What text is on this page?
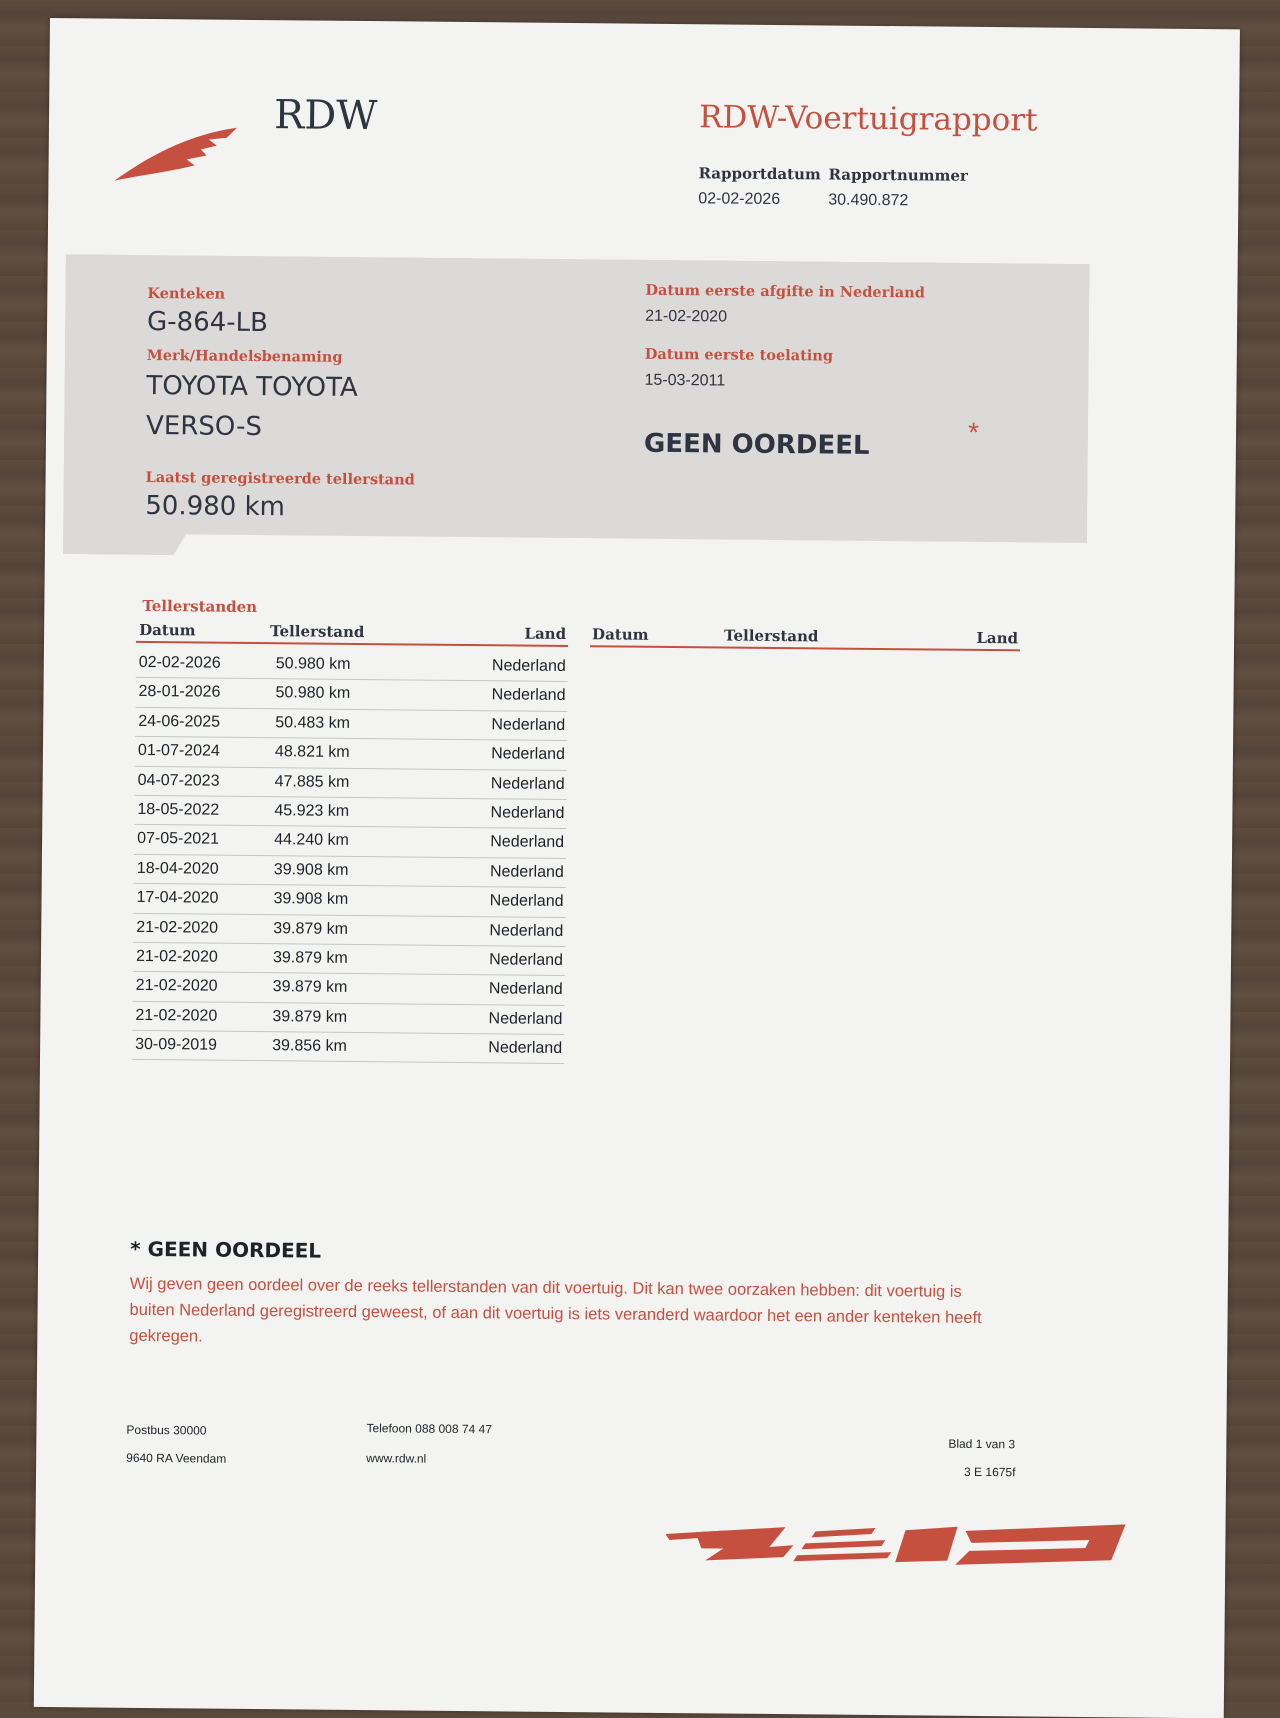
RDW	RDW-Voertuigrapport
Rapportdatum
02-02-2026
Rapportnummer
30.490.872
Kenteken
G-864-LB
Merk/Handelsbenaming
TOYOTA TOYOTA
VERSO-S
Laatst geregistreerde tellerstand
50.980 km
Datum eerste afgifte in Nederland
21-02-2020
Datum eerste toelating
15-03-2011
GEEN OORDEEL	*
Tellerstanden
Datum	Tellerstand	Land Datum	Tellerstand	Land
02-02-2026	50.980 km	Nederland
28-01-2026	50.980 km	Nederland
24-06-2025	50.483 km	Nederland
01-07-2024	48.821 km	Nederland
04-07-2023	47.885 km	Nederland
18-05-2022	45.923 km	Nederland
07-05-2021	44.240 km	Nederland
18-04-2020	39.908 km	Nederland
17-04-2020	39.908 km	Nederland
21-02-2020	39.879 km	Nederland
21-02-2020	39.879 km	Nederland
21-02-2020	39.879 km	Nederland
21-02-2020	39.879 km	Nederland
30-09-2019	39.856 km	Nederland
* GEEN OORDEEL
Wij geven geen oordeel over de reeks tellerstanden van dit voertuig. Dit kan twee oorzaken hebben: dit voertuig is buiten Nederland geregistreerd geweest, of aan dit voertuig is iets veranderd waardoor het een ander kenteken heeft gekregen.
Postbus 30000
9640 RA Veendam
Telefoon 088 008 74 47
www.rdw.nl
Blad 1 van 3
3 E 1675f
